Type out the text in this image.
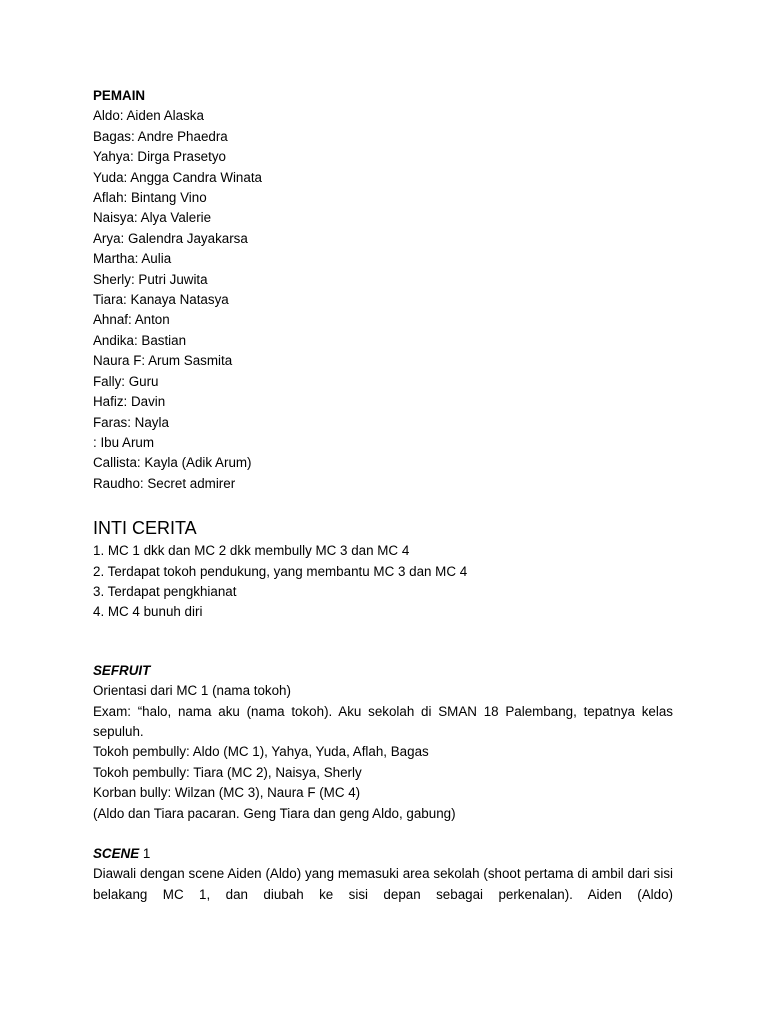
PEMAIN
Aldo: Aiden Alaska
Bagas: Andre Phaedra
Yahya: Dirga Prasetyo
Yuda: Angga Candra Winata
Aflah: Bintang Vino
Naisya: Alya Valerie
Arya: Galendra Jayakarsa
Martha: Aulia
Sherly: Putri Juwita
Tiara: Kanaya Natasya
Ahnaf: Anton
Andika: Bastian
Naura F: Arum Sasmita
Fally: Guru
Hafiz: Davin
Faras: Nayla
: Ibu Arum
Callista: Kayla (Adik Arum)
Raudho: Secret admirer
INTI CERITA
1. MC 1 dkk dan MC 2 dkk membully MC 3 dan MC 4
2. Terdapat tokoh pendukung, yang membantu MC 3 dan MC 4
3. Terdapat pengkhianat
4. MC 4 bunuh diri
SEFRUIT
Orientasi dari MC 1 (nama tokoh)
Exam: “halo, nama aku (nama tokoh). Aku sekolah di SMAN 18 Palembang, tepatnya kelas sepuluh.
Tokoh pembully: Aldo (MC 1), Yahya, Yuda, Aflah, Bagas
Tokoh pembully: Tiara (MC 2), Naisya, Sherly
Korban bully: Wilzan (MC 3), Naura F (MC 4)
(Aldo dan Tiara pacaran. Geng Tiara dan geng Aldo, gabung)
SCENE 1
Diawali dengan scene Aiden (Aldo) yang memasuki area sekolah (shoot pertama di ambil dari sisi belakang MC 1, dan diubah ke sisi depan sebagai perkenalan). Aiden (Aldo)
